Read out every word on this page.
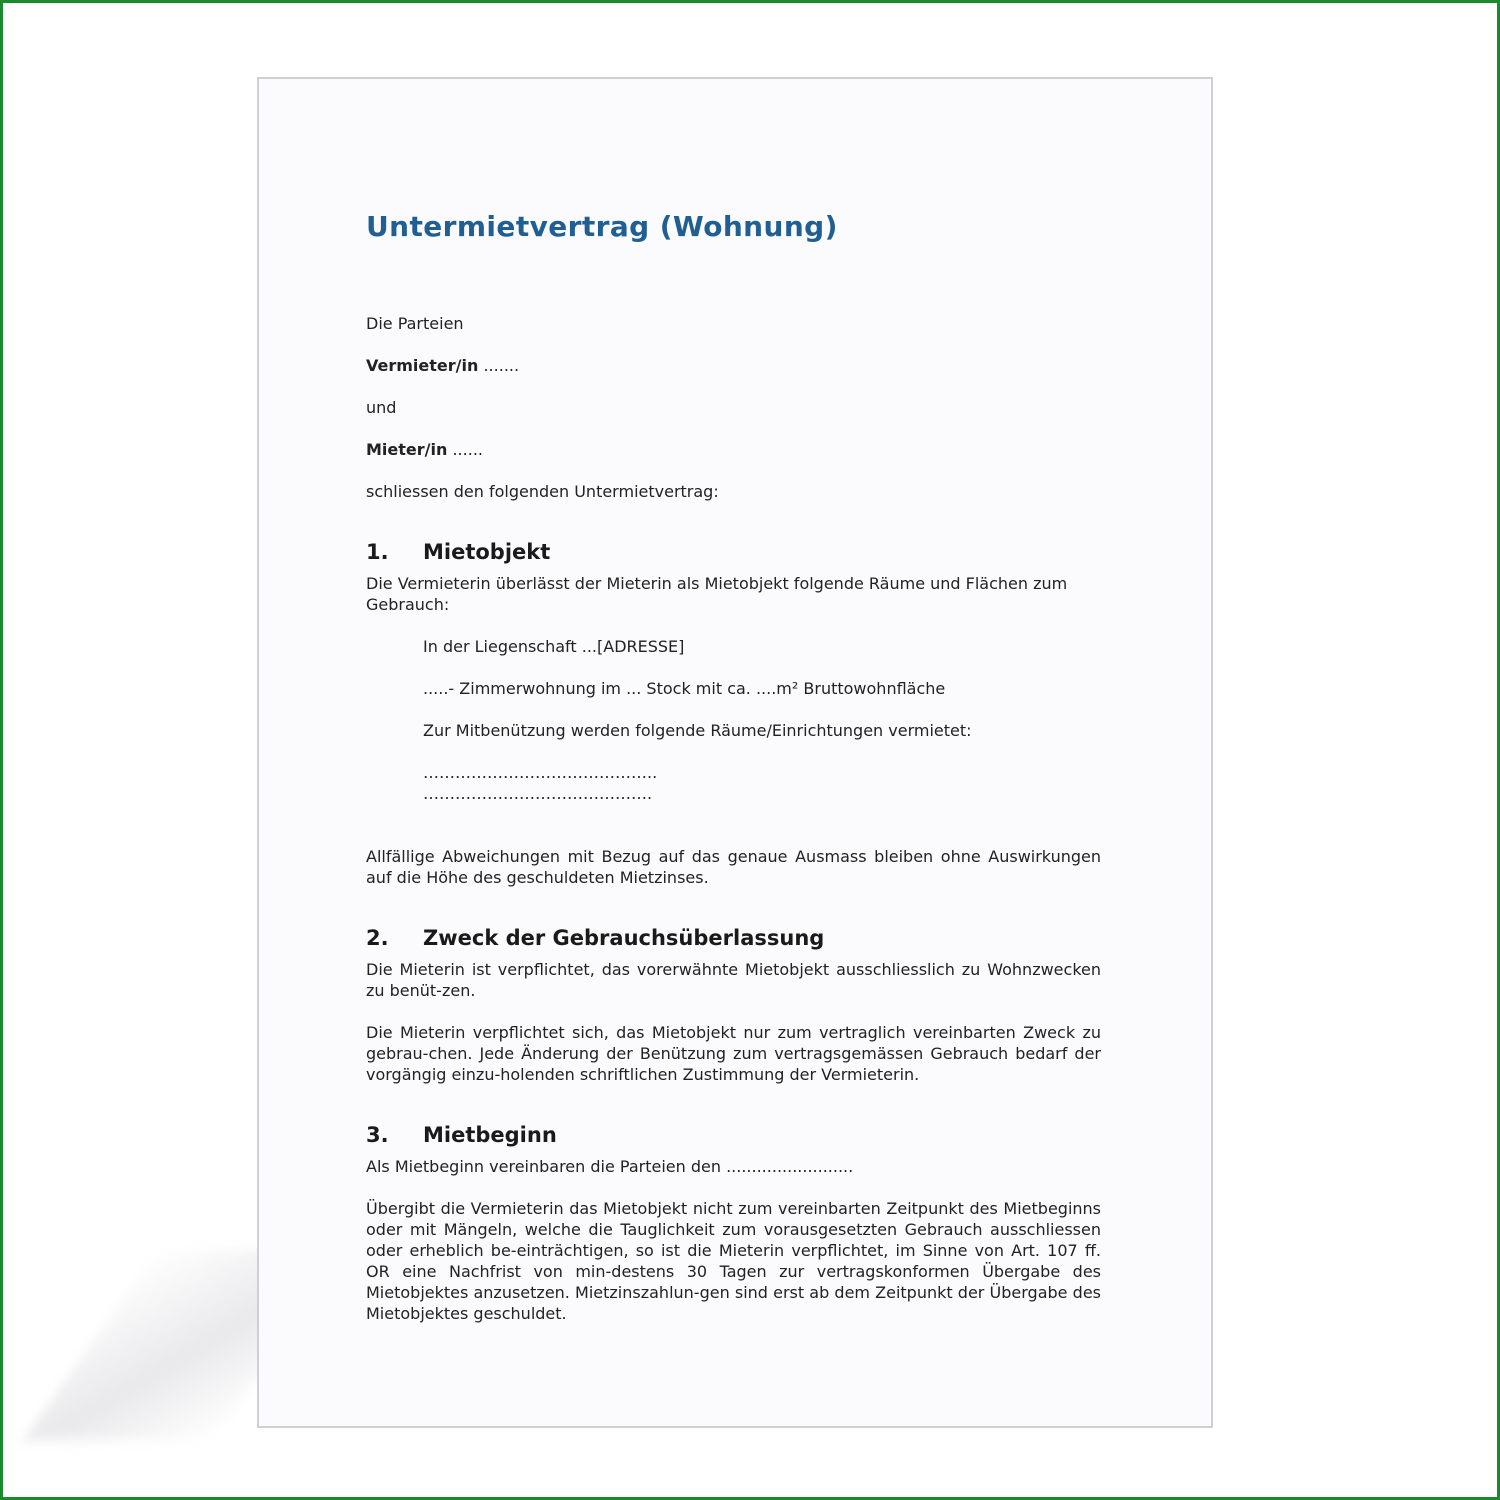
Untermietvertrag (Wohnung)

Die Parteien

Vermieter/in .......

und

Mieter/in ......

schliessen den folgenden Untermietvertrag:

1.	Mietobjekt

Die Vermieterin überlässt der Mieterin als Mietobjekt folgende Räume und Flächen zum Gebrauch:

In der Liegenschaft ...[ADRESSE]

.....- Zimmerwohnung im ... Stock mit ca. ....m² Bruttowohnfläche

Zur Mitbenützung werden folgende Räume/Einrichtungen vermietet:

……………………………………..

…………………………………….

Allfällige Abweichungen mit Bezug auf das genaue Ausmass bleiben ohne Auswirkungen auf die Höhe des geschuldeten Mietzinses.

2.	Zweck der Gebrauchsüberlassung

Die Mieterin ist verpflichtet, das vorerwähnte Mietobjekt ausschliesslich zu Wohnzwecken zu benüt-zen.

Die Mieterin verpflichtet sich, das Mietobjekt nur zum vertraglich vereinbarten Zweck zu gebrau-chen. Jede Änderung der Benützung zum vertragsgemässen Gebrauch bedarf der vorgängig einzu-holenden schriftlichen Zustimmung der Vermieterin.

3.	Mietbeginn

Als Mietbeginn vereinbaren die Parteien den .........................

Übergibt die Vermieterin das Mietobjekt nicht zum vereinbarten Zeitpunkt des Mietbeginns oder mit Mängeln, welche die Tauglichkeit zum vorausgesetzten Gebrauch ausschliessen oder erheblich be-einträchtigen, so ist die Mieterin verpflichtet, im Sinne von Art. 107 ff. OR eine Nachfrist von min-destens 30 Tagen zur vertragskonformen Übergabe des Mietobjektes anzusetzen. Mietzinszahlun-gen sind erst ab dem Zeitpunkt der Übergabe des Mietobjektes geschuldet.
